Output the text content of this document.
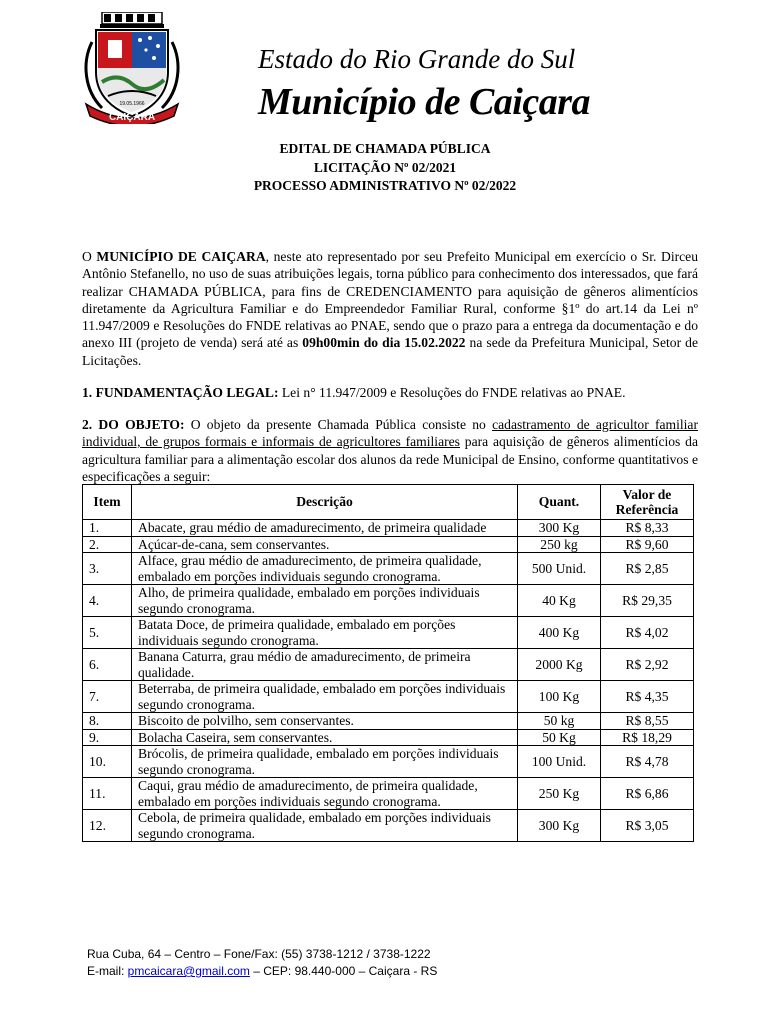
CAIÇARA
19.05.1966
Estado do Rio Grande do Sul
Município de Caiçara
EDITAL DE CHAMADA PÚBLICA
LICITAÇÃO Nº 02/2021
PROCESSO ADMINISTRATIVO Nº 02/2022
O MUNICÍPIO DE CAIÇARA, neste ato representado por seu Prefeito Municipal em exercício o Sr. Dirceu Antônio Stefanello, no uso de suas atribuições legais, torna público para conhecimento dos interessados, que fará realizar CHAMADA PÚBLICA, para fins de CREDENCIAMENTO para aquisição de gêneros alimentícios diretamente da Agricultura Familiar e do Empreendedor Familiar Rural, conforme §1º do art.14 da Lei nº 11.947/2009 e Resoluções do FNDE relativas ao PNAE, sendo que o prazo para a entrega da documentação e do anexo III (projeto de venda) será até as 09h00min do dia 15.02.2022 na sede da Prefeitura Municipal, Setor de Licitações.
1. FUNDAMENTAÇÃO LEGAL: Lei n° 11.947/2009 e Resoluções do FNDE relativas ao PNAE.
2. DO OBJETO: O objeto da presente Chamada Pública consiste no cadastramento de agricultor familiar individual, de grupos formais e informais de agricultores familiares para aquisição de gêneros alimentícios da agricultura familiar para a alimentação escolar dos alunos da rede Municipal de Ensino, conforme quantitativos e especificações a seguir:
Item	Descrição	Quant.	Valor de Referência
1.	Abacate, grau médio de amadurecimento, de primeira qualidade	300 Kg	R$ 8,33
2.	Açúcar-de-cana, sem conservantes.	250 kg	R$ 9,60
3.	Alface, grau médio de amadurecimento, de primeira qualidade, embalado em porções individuais segundo cronograma.	500 Unid.	R$ 2,85
4.	Alho, de primeira qualidade, embalado em porções individuais segundo cronograma.	40 Kg	R$ 29,35
5.	Batata Doce, de primeira qualidade, embalado em porções individuais segundo cronograma.	400 Kg	R$ 4,02
6.	Banana Caturra, grau médio de amadurecimento, de primeira qualidade.	2000 Kg	R$ 2,92
7.	Beterraba, de primeira qualidade, embalado em porções individuais segundo cronograma.	100 Kg	R$ 4,35
8.	Biscoito de polvilho, sem conservantes.	50 kg	R$ 8,55
9.	Bolacha Caseira, sem conservantes.	50 Kg	R$ 18,29
10.	Brócolis, de primeira qualidade, embalado em porções individuais segundo cronograma.	100 Unid.	R$ 4,78
11.	Caqui, grau médio de amadurecimento, de primeira qualidade, embalado em porções individuais segundo cronograma.	250 Kg	R$ 6,86
12.	Cebola, de primeira qualidade, embalado em porções individuais segundo cronograma.	300 Kg	R$ 3,05
Rua Cuba, 64 – Centro – Fone/Fax: (55) 3738-1212 / 3738-1222
E-mail: pmcaicara@gmail.com – CEP: 98.440-000 – Caiçara - RS
